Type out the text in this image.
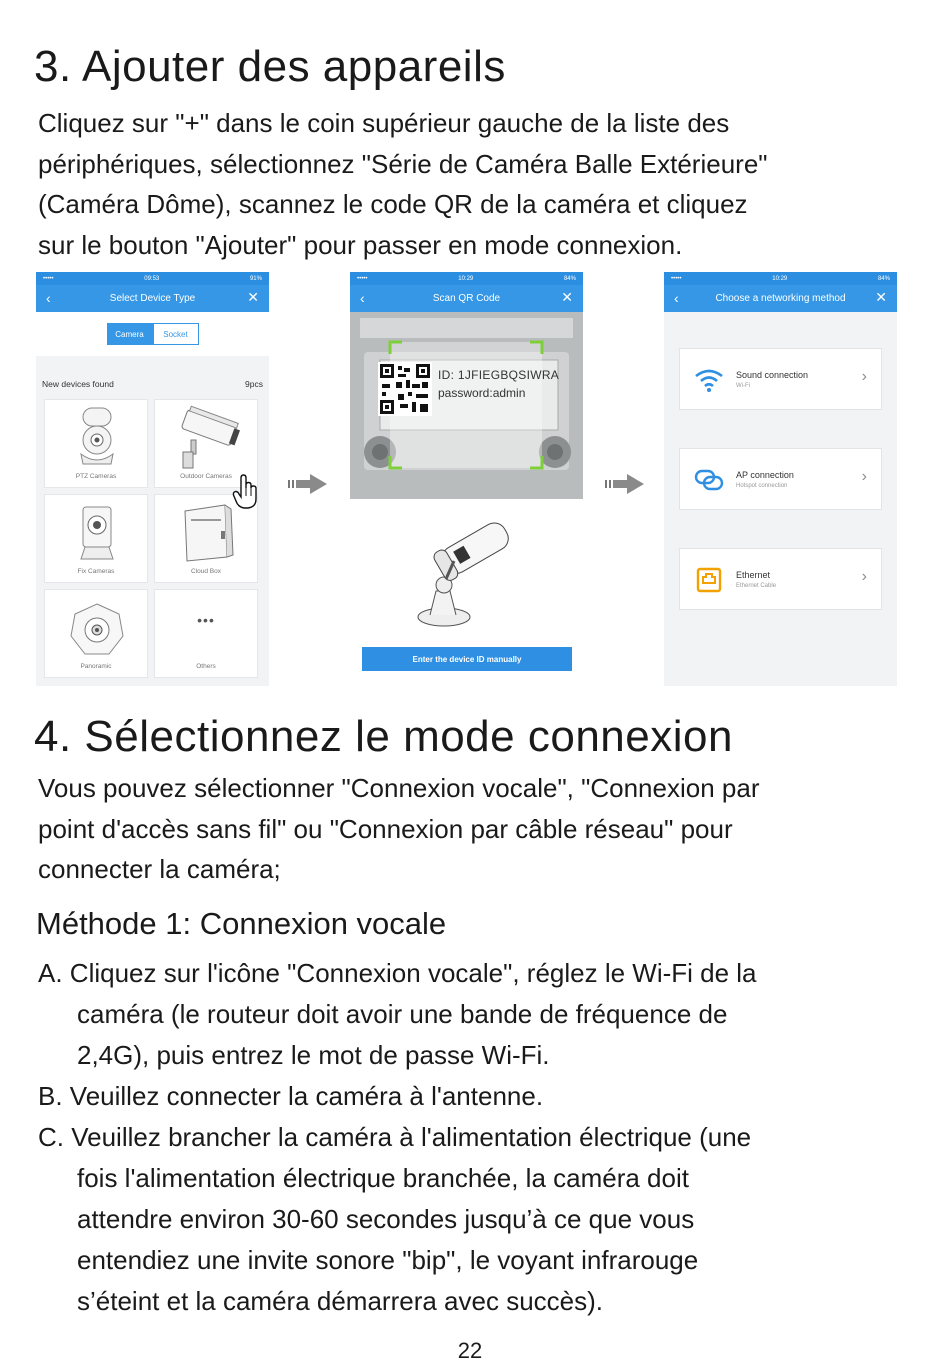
3. Ajouter des appareils
Cliquez sur "+" dans le coin supérieur gauche de la liste des
périphériques, sélectionnez "Série de Caméra Balle Extérieure"
(Caméra Dôme), scannez le code QR de la caméra et cliquez
sur le bouton "Ajouter" pour passer en mode connexion.
•••••	09:53	91%
‹	Select Device Type	✕
Camera	Socket
New devices found	9pcs
PTZ Cameras	Outdoor Cameras
Fix Cameras	Cloud Box
Panoramic
•••
Others
•••••	10:29	84%
‹	Scan QR Code	✕
ID: 1JFIEGBQSIWRA
password:admin
Enter the device ID manually
•••••	10:29	84%
‹	Choose a networking method ✕
Sound connection
Wi-Fi
›
AP connection
Hotspot connection
›
Ethernet
Ethernet Cable
›
4. Sélectionnez le mode connexion
Vous pouvez sélectionner "Connexion vocale", "Connexion par
point d'accès sans fil" ou "Connexion par câble réseau" pour
connecter la caméra;
Méthode 1: Connexion vocale
A. Cliquez sur l'icône "Connexion vocale", réglez le Wi-Fi de la
caméra (le routeur doit avoir une bande de fréquence de
2,4G), puis entrez le mot de passe Wi-Fi.
B. Veuillez connecter la caméra à l'antenne.
C. Veuillez brancher la caméra à l'alimentation électrique (une
fois l'alimentation électrique branchée, la caméra doit
attendre environ 30-60 secondes jusqu’à ce que vous
entendiez une invite sonore "bip", le voyant infrarouge
s’éteint et la caméra démarrera avec succès).
22
